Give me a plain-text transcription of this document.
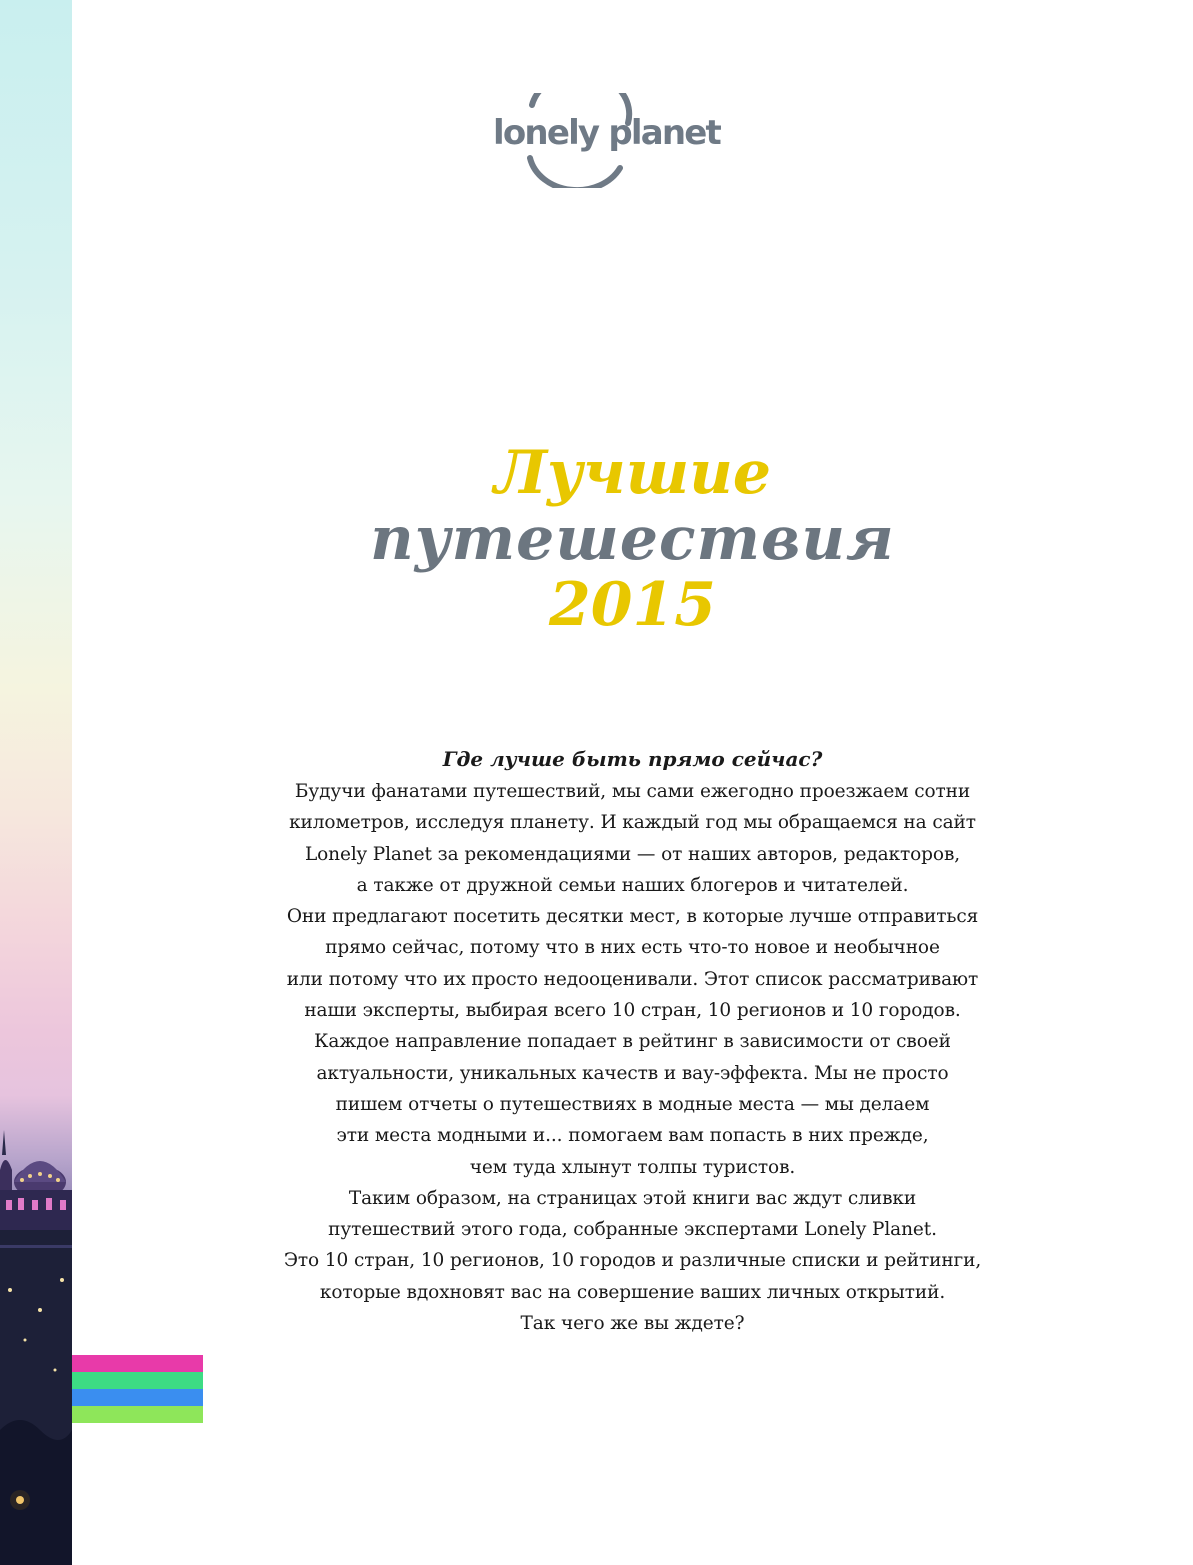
lonely planet
Лучшие
путешествия
2015
Где лучше быть прямо сейчас?
Будучи фанатами путешествий, мы сами ежегодно проезжаем сотни
километров, исследуя планету. И каждый год мы обращаемся на сайт
Lonely Planet за рекомендациями — от наших авторов, редакторов,
а также от дружной семьи наших блогеров и читателей.
Они предлагают посетить десятки мест, в которые лучше отправиться
прямо сейчас, потому что в них есть что-то новое и необычное
или потому что их просто недооценивали. Этот список рассматривают
наши эксперты, выбирая всего 10 стран, 10 регионов и 10 городов.
Каждое направление попадает в рейтинг в зависимости от своей
актуальности, уникальных качеств и вау-эффекта. Мы не просто
пишем отчеты о путешествиях в модные места — мы делаем
эти места модными и... помогаем вам попасть в них прежде,
чем туда хлынут толпы туристов.
Таким образом, на страницах этой книги вас ждут сливки
путешествий этого года, собранные экспертами Lonely Planet.
Это 10 стран, 10 регионов, 10 городов и различные списки и рейтинги,
которые вдохновят вас на совершение ваших личных открытий.
Так чего же вы ждете?
